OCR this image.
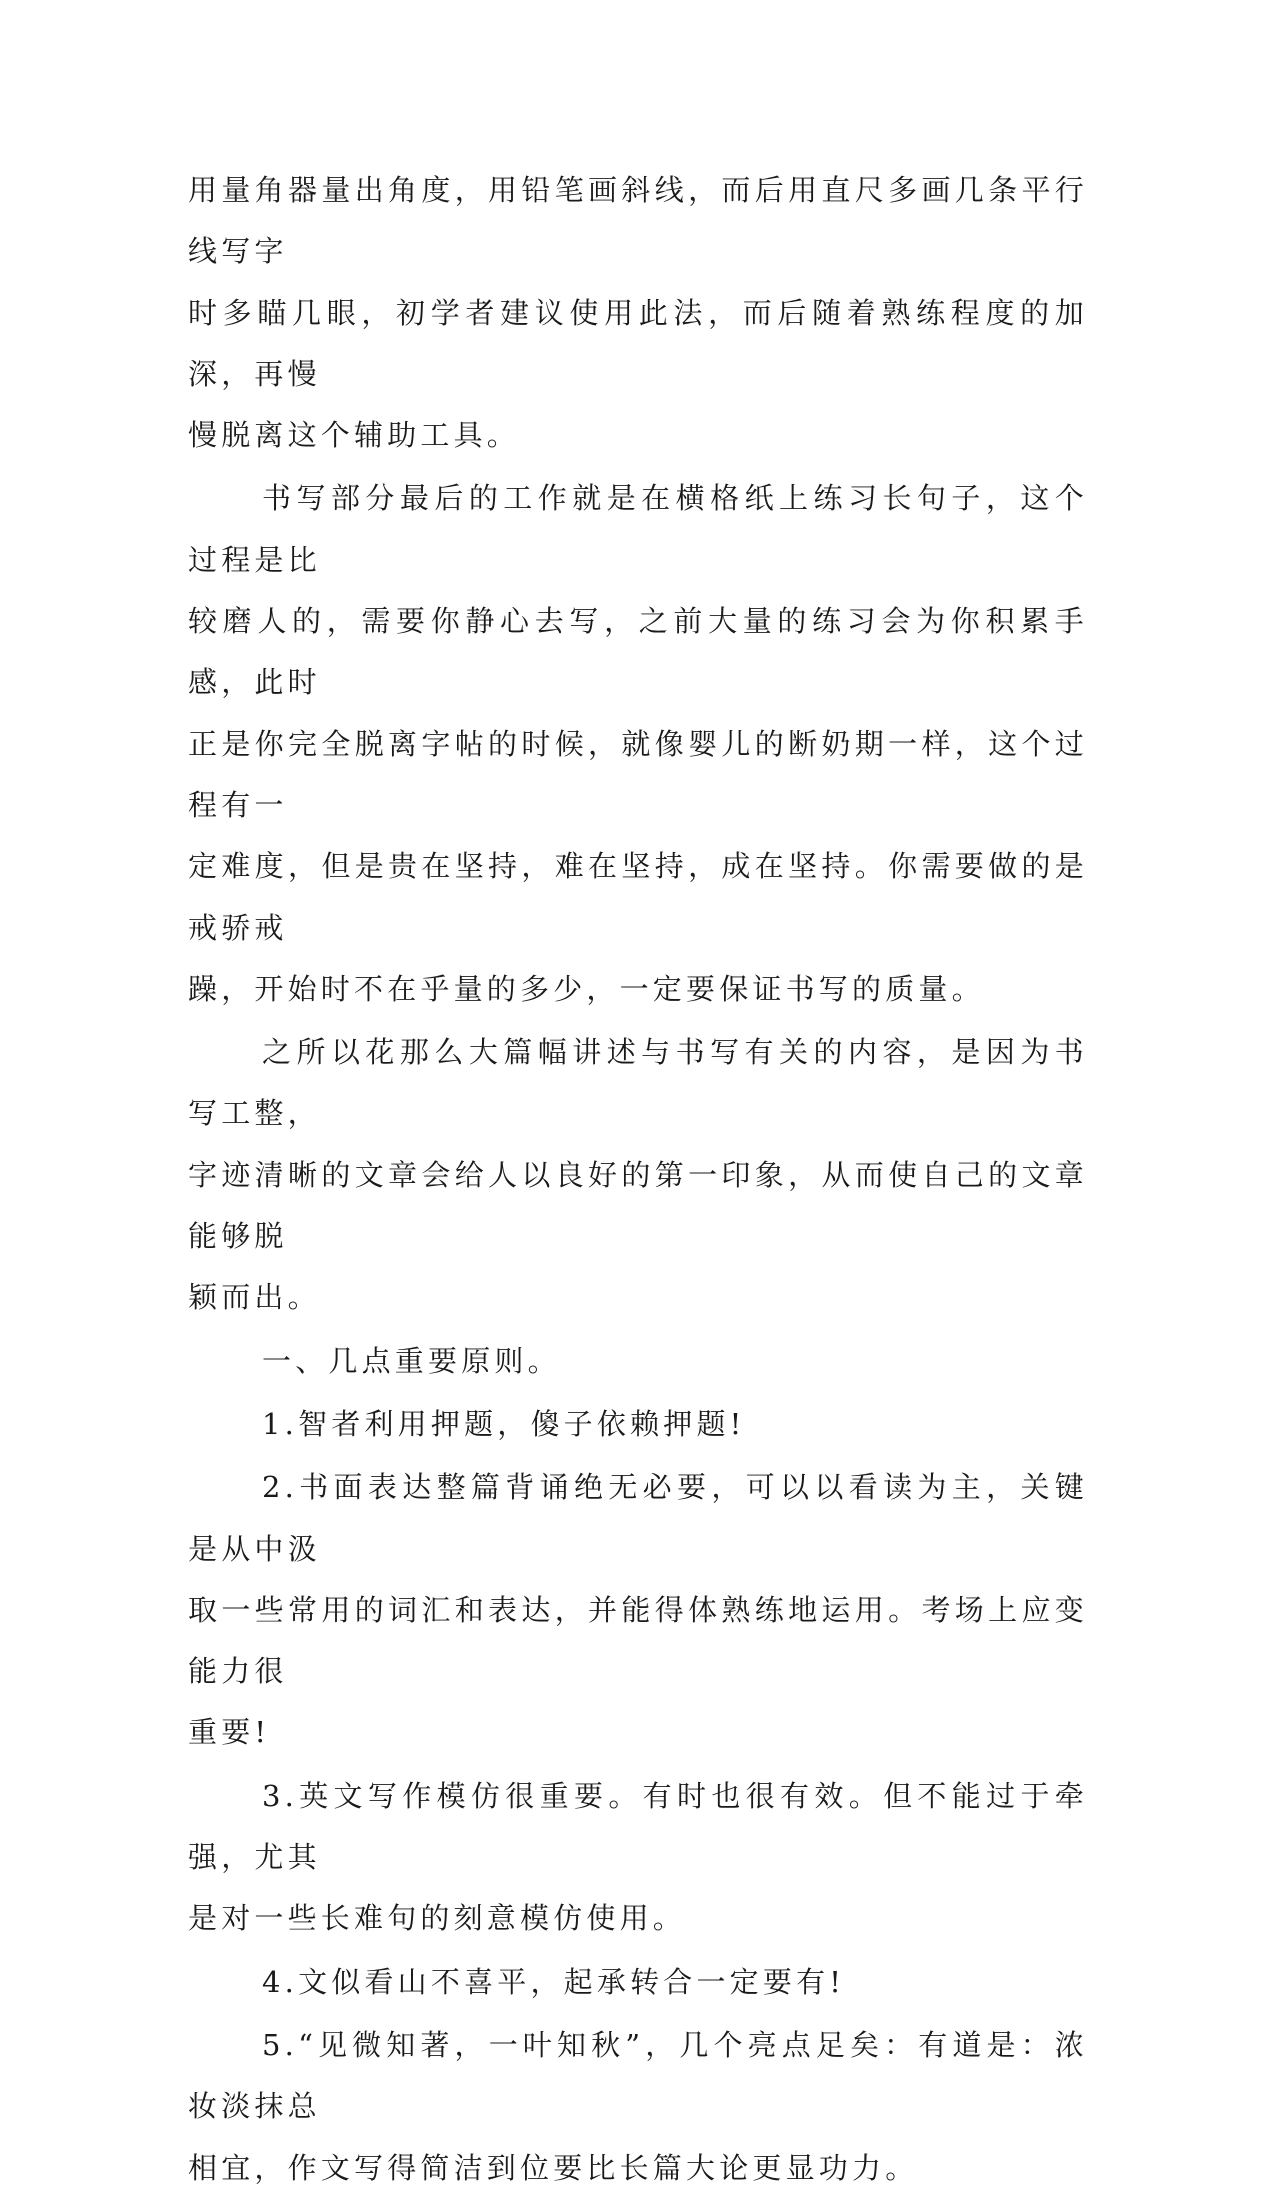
用量角器量出角度，用铅笔画斜线，而后用直尺多画几条平行线写字
时多瞄几眼，初学者建议使用此法，而后随着熟练程度的加深，再慢
慢脱离这个辅助工具。
书写部分最后的工作就是在横格纸上练习长句子，这个过程是比
较磨人的，需要你静心去写，之前大量的练习会为你积累手感，此时
正是你完全脱离字帖的时候，就像婴儿的断奶期一样，这个过程有一
定难度，但是贵在坚持，难在坚持，成在坚持。你需要做的是戒骄戒
躁，开始时不在乎量的多少，一定要保证书写的质量。
之所以花那么大篇幅讲述与书写有关的内容，是因为书写工整，
字迹清晰的文章会给人以良好的第一印象，从而使自己的文章能够脱
颖而出。
一、几点重要原则。
1.智者利用押题，傻子依赖押题!
2.书面表达整篇背诵绝无必要，可以以看读为主，关键是从中汲
取一些常用的词汇和表达，并能得体熟练地运用。考场上应变能力很
重要!
3.英文写作模仿很重要。有时也很有效。但不能过于牵强，尤其
是对一些长难句的刻意模仿使用。
4.文似看山不喜平，起承转合一定要有!
5.“见微知著，一叶知秋”，几个亮点足矣：有道是：浓妆淡抹总
相宜，作文写得简洁到位要比长篇大论更显功力。
